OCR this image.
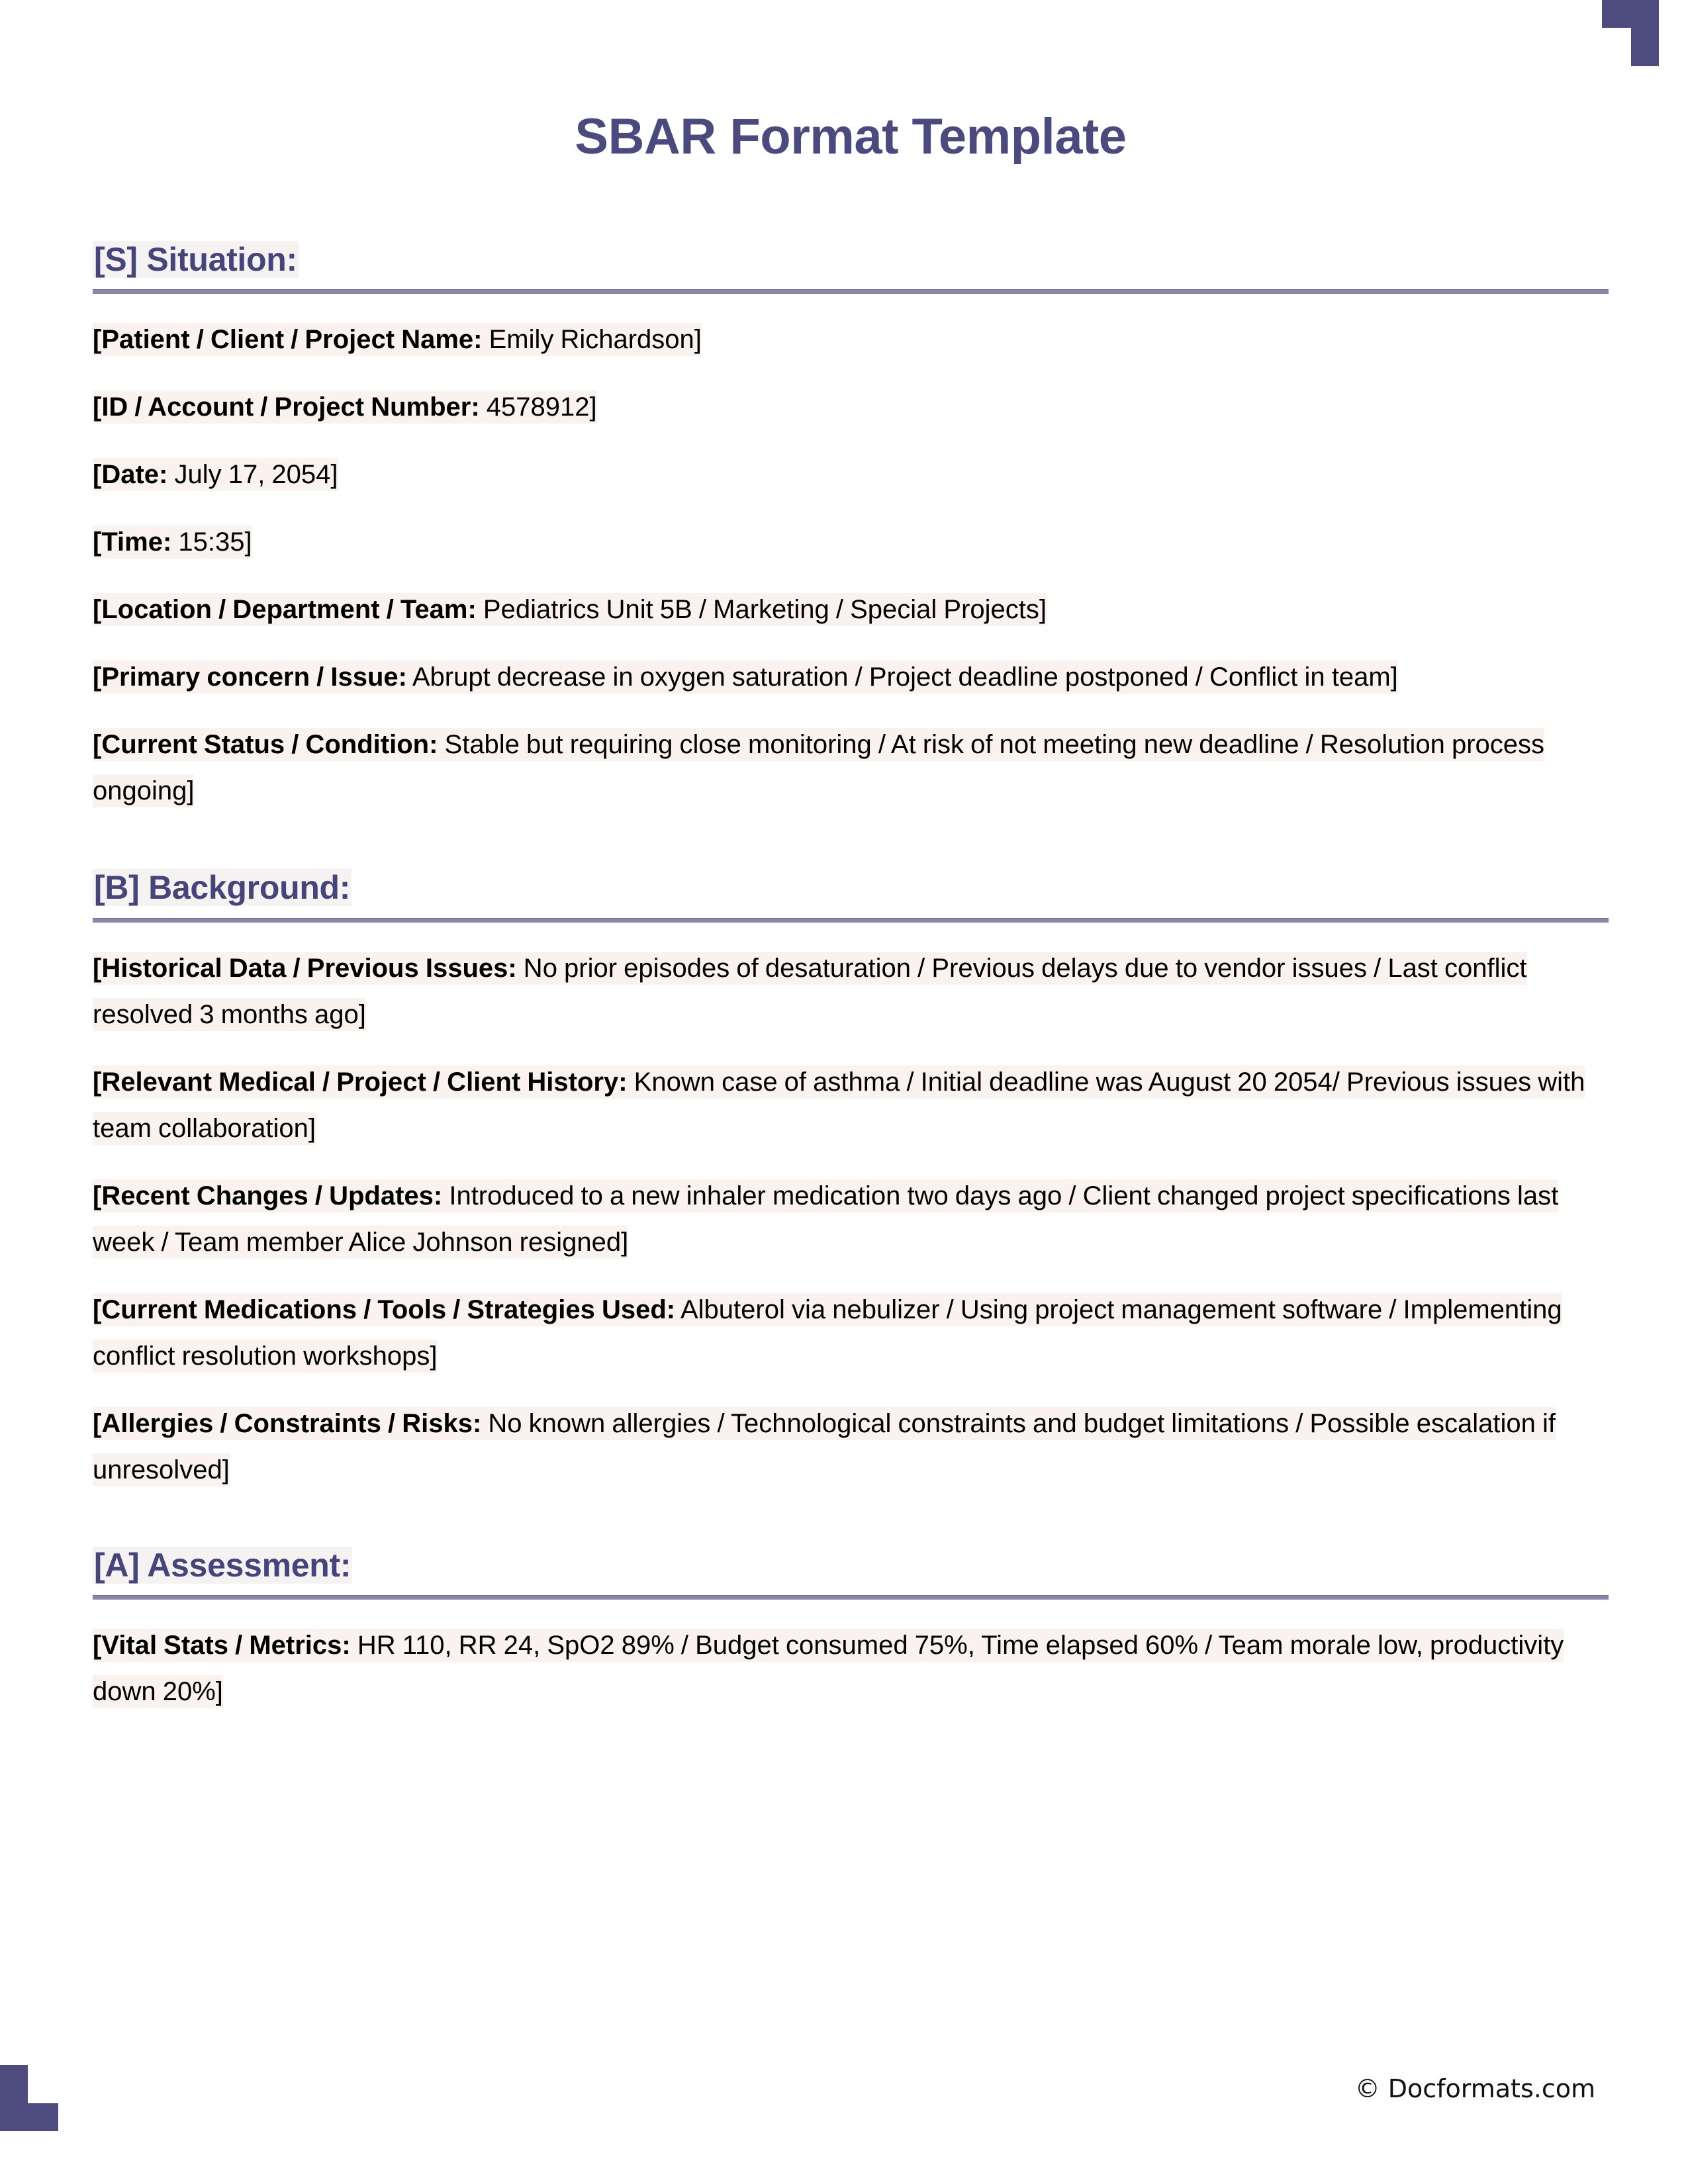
SBAR Format Template
[S] Situation:

[Patient / Client / Project Name: Emily Richardson]

[ID / Account / Project Number: 4578912]

[Date: July 17, 2054]

[Time: 15:35]

[Location / Department / Team: Pediatrics Unit 5B / Marketing / Special Projects]

[Primary concern / Issue: Abrupt decrease in oxygen saturation / Project deadline postponed / Conflict in team]

[Current Status / Condition: Stable but requiring close monitoring / At risk of not meeting new deadline / Resolution process ongoing]

[B] Background:

[Historical Data / Previous Issues: No prior episodes of desaturation / Previous delays due to vendor issues / Last conflict resolved 3 months ago]

[Relevant Medical / Project / Client History: Known case of asthma / Initial deadline was August 20 2054/ Previous issues with team collaboration]

[Recent Changes / Updates: Introduced to a new inhaler medication two days ago / Client changed project specifications last week / Team member Alice Johnson resigned]

[Current Medications / Tools / Strategies Used: Albuterol via nebulizer / Using project management software / Implementing conflict resolution workshops]

[Allergies / Constraints / Risks: No known allergies / Technological constraints and budget limitations / Possible escalation if unresolved]

[A] Assessment:

[Vital Stats / Metrics: HR 110, RR 24, SpO2 89% / Budget consumed 75%, Time elapsed 60% / Team morale low, productivity down 20%]

© Docformats.com
